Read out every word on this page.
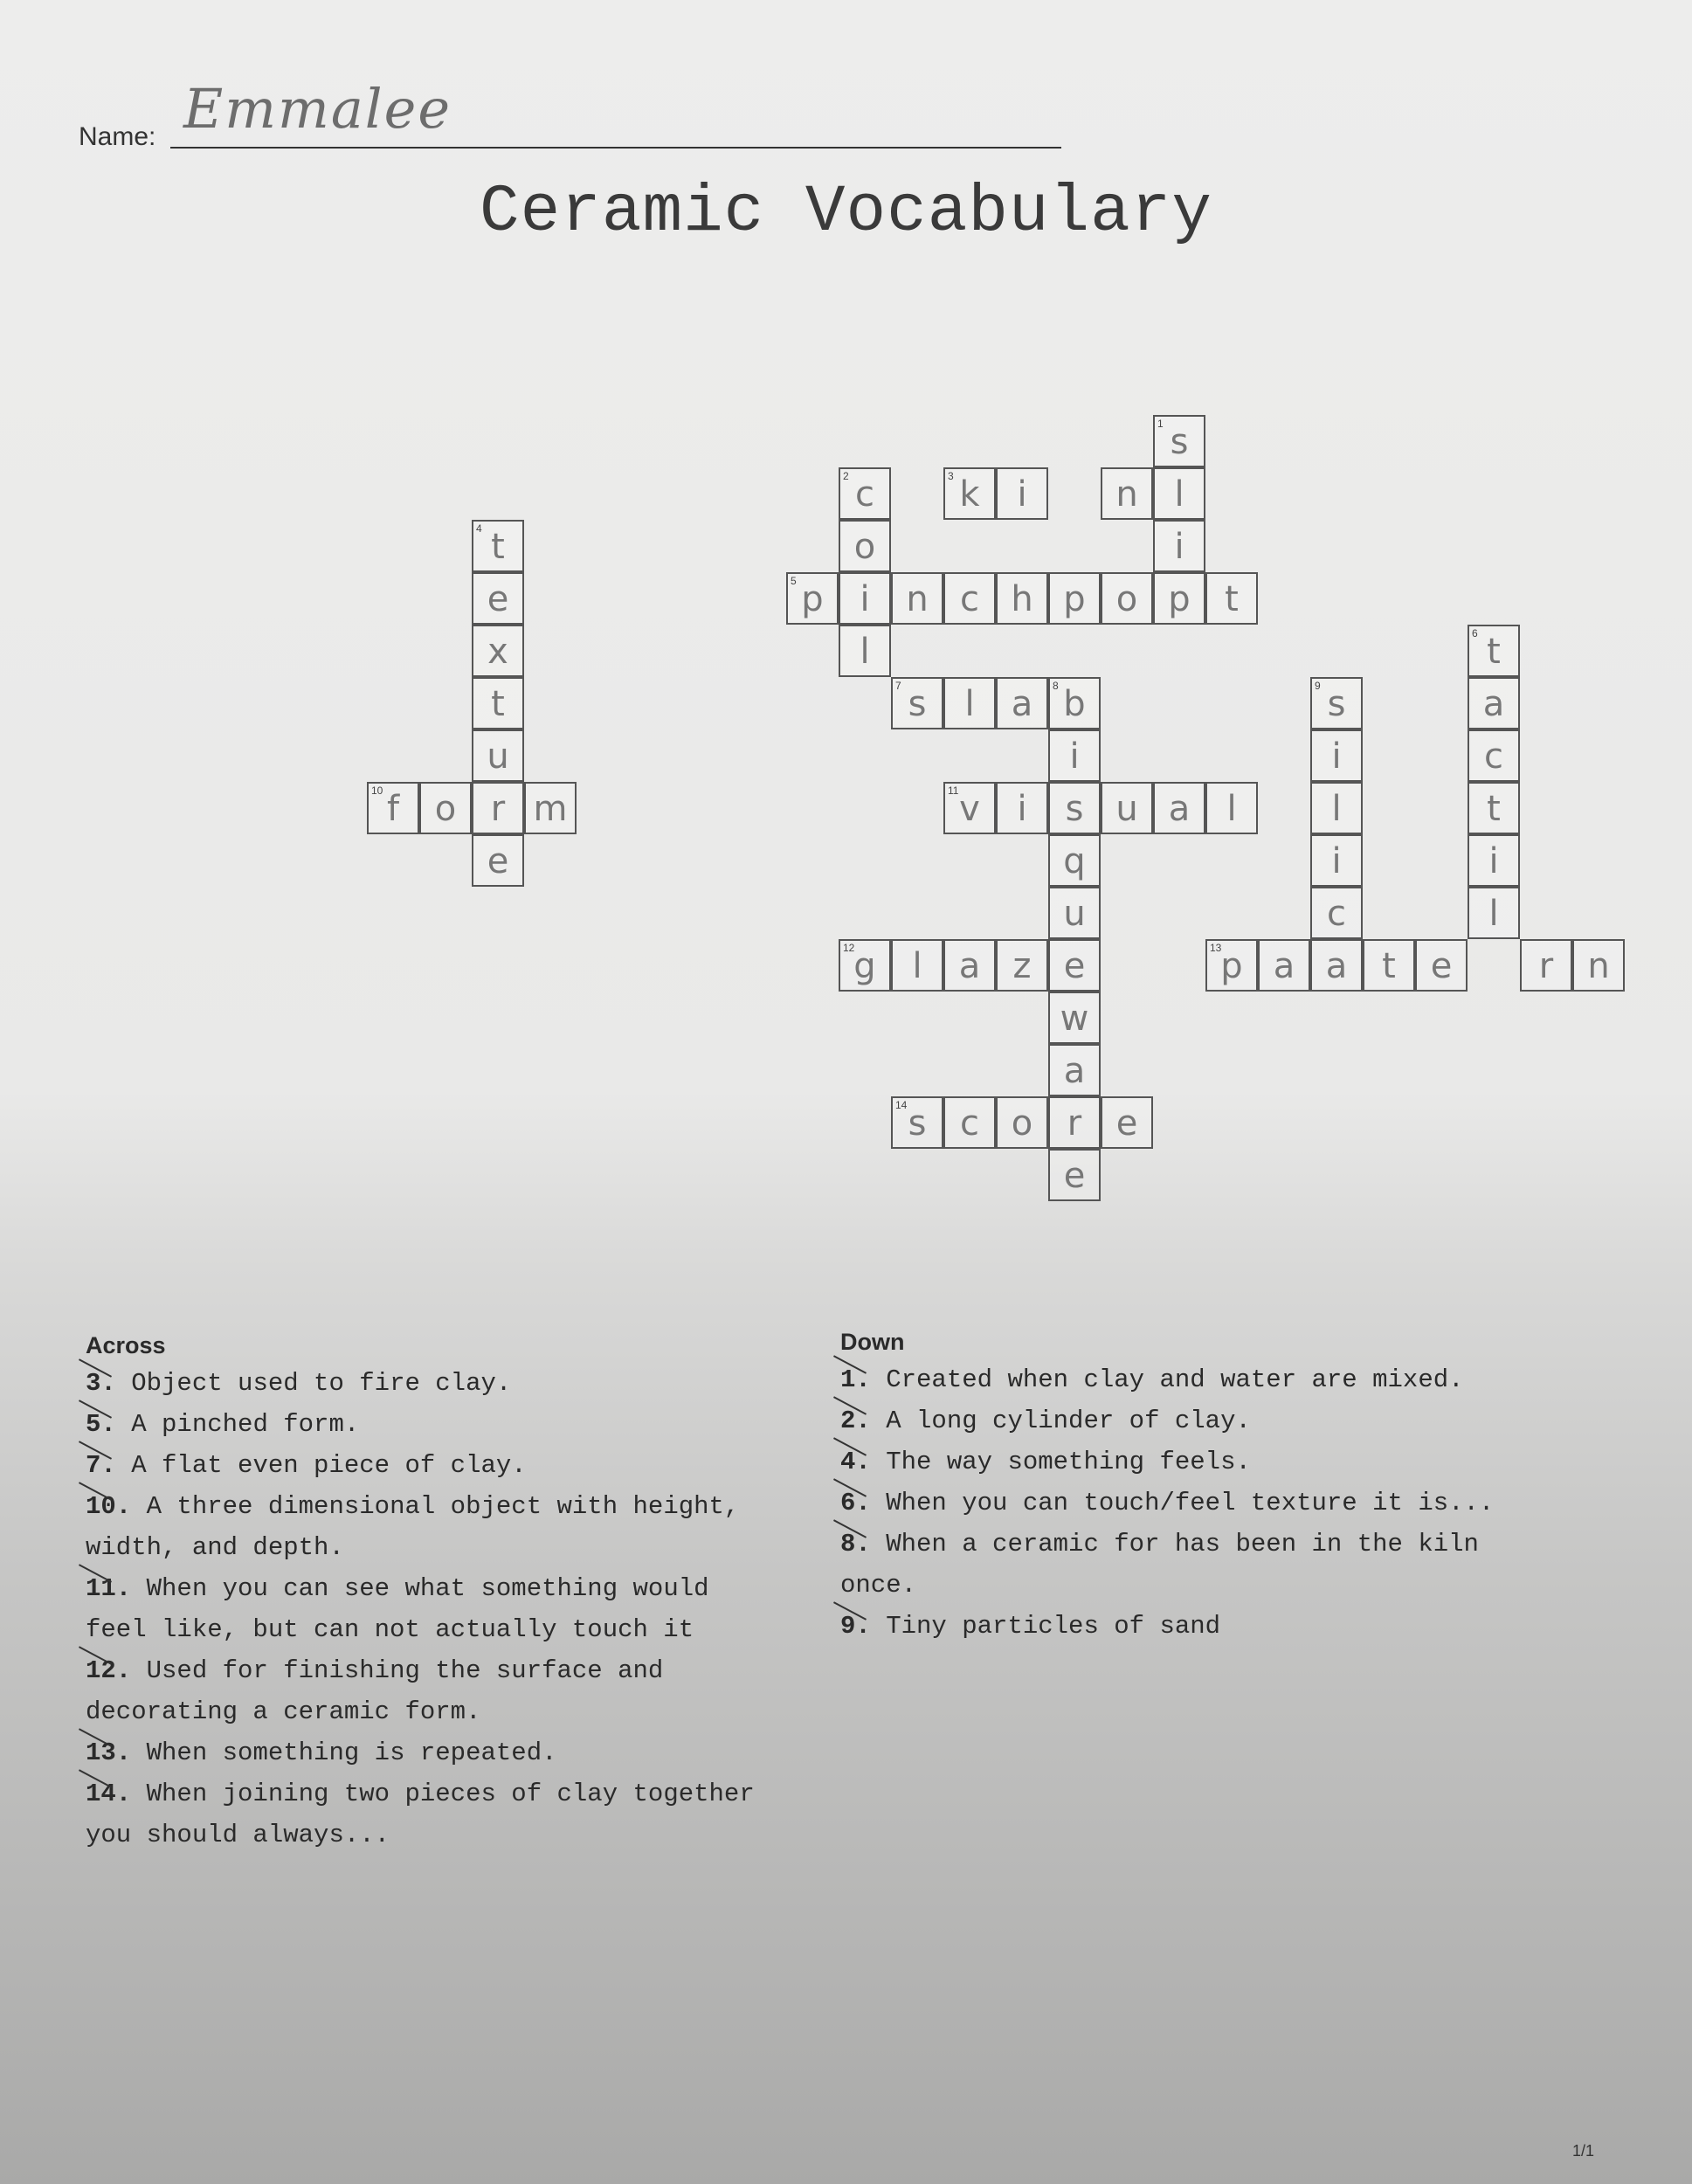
Name: Emmalee
Ceramic Vocabulary
1 s
l
i
p
2 c
o
i
l
3 k	i	n
4 t
e
x
t
u
r
e
5 p	n c h p o	t
6 t
a
c
t
i
l
7 s	l	a	8 b
i
s
q
u
e
w
a
r
e
9 s
i
l
i
c
a
10 f	o	m	11 v	i	u a	l
12
g	l	a z	13
p a	t e	r n
14 s c o	e
Across
3. Object used to fire clay.
5. A pinched form.
7. A flat even piece of clay.
10. A three dimensional object with height,
width, and depth.
11. When you can see what something would
feel like, but can not actually touch it
12. Used for finishing the surface and
decorating a ceramic form.
13. When something is repeated.
14. When joining two pieces of clay together
you should always...
Down
1. Created when clay and water are mixed.
2. A long cylinder of clay.
4. The way something feels.
6. When you can touch/feel texture it is...
8. When a ceramic for has been in the kiln
once.
9. Tiny particles of sand
1/1
